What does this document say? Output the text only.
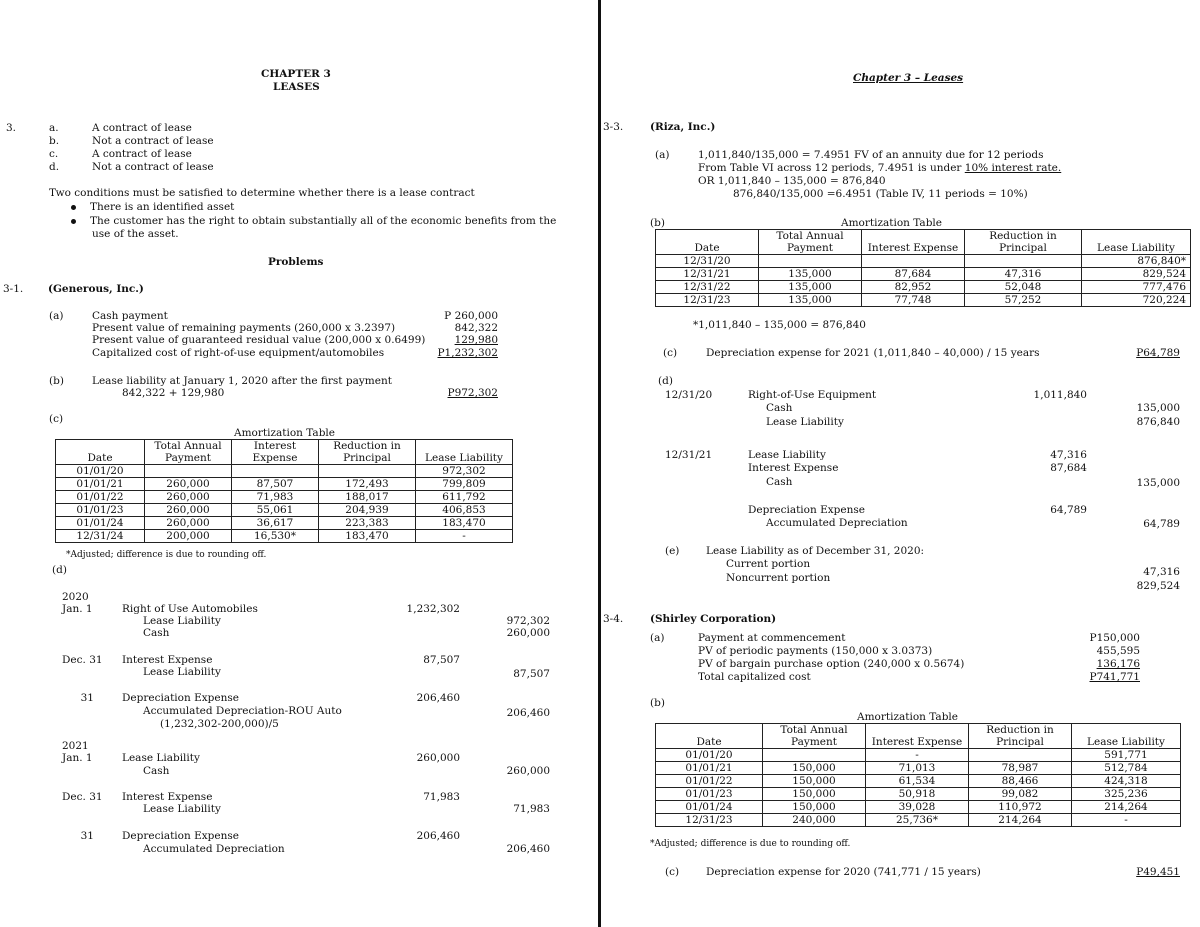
CHAPTER 3
LEASES
3.	a.	A contract of lease
b.	Not a contract of lease
c.	A contract of lease
d.	Not a contract of lease
Two conditions must be satisfied to determine whether there is a lease contract
There is an identified asset
The customer has the right to obtain substantially all of the economic benefits from the
use of the asset.
Problems
3-1. (Generous, Inc.)
(a)	Cash payment	P 260,000
Present value of remaining payments (260,000 x 3.2397)	842,322
Present value of guaranteed residual value (200,000 x 0.6499)	129,980
Capitalized cost of right-of-use equipment/automobiles	P1,232,302
(b)	Lease liability at January 1, 2020 after the first payment
842,322 + 129,980	P972,302
(c)
Amortization Table
Date	Total Annual Payment	Interest Expense	Reduction in Principal	Lease Liability
01/01/20				972,302
01/01/21	260,000	87,507	172,493	799,809
01/01/22	260,000	71,983	188,017	611,792
01/01/23	260,000	55,061	204,939	406,853
01/01/24	260,000	36,617	223,383	183,470
12/31/24	200,000	16,530*	183,470	-
*Adjusted; difference is due to rounding off.
(d)
2020
Jan. 1	Right of Use Automobiles	1,232,302
Lease Liability	972,302
Cash	260,000
Dec. 31 Interest Expense	87,507
Lease Liability	87,507
31	Depreciation Expense	206,460
Accumulated Depreciation-ROU Auto	206,460
(1,232,302-200,000)/5
2021
Jan. 1	Lease Liability	260,000
Cash	260,000
Dec. 31 Interest Expense	71,983
Lease Liability	71,983
31	Depreciation Expense	206,460
Accumulated Depreciation	206,460
Chapter 3 – Leases
3-3.	(Riza, Inc.)
(a)	1,011,840/135,000 = 7.4951 FV of an annuity due for 12 periods
From Table VI across 12 periods, 7.4951 is under 10% interest rate.
OR 1,011,840 – 135,000 = 876,840
876,840/135,000 =6.4951 (Table IV, 11 periods = 10%)
(b)	Amortization Table
Date	Total Annual Payment	Interest Expense	Reduction in Principal	Lease Liability
12/31/20				876,840*
12/31/21	135,000	87,684	47,316	829,524
12/31/22	135,000	82,952	52,048	777,476
12/31/23	135,000	77,748	57,252	720,224
*1,011,840 – 135,000 = 876,840
(c)	Depreciation expense for 2021 (1,011,840 – 40,000) / 15 years	P64,789
(d)
12/31/20	Right-of-Use Equipment	1,011,840
Cash	135,000
Lease Liability	876,840
12/31/21	Lease Liability	47,316
Interest Expense	87,684
Cash	135,000
Depreciation Expense	64,789
Accumulated Depreciation	64,789
(e)	Lease Liability as of December 31, 2020:
Current portion
47,316
Noncurrent portion
829,524
3-4.	(Shirley Corporation)
(a)	Payment at commencement	P150,000
PV of periodic payments (150,000 x 3.0373)	455,595
PV of bargain purchase option (240,000 x 0.5674)	136,176
Total capitalized cost	P741,771
(b)
Amortization Table
Date	Total Annual Payment	Interest Expense	Reduction in Principal	Lease Liability
01/01/20		-		591,771
01/01/21	150,000	71,013	78,987	512,784
01/01/22	150,000	61,534	88,466	424,318
01/01/23	150,000	50,918	99,082	325,236
01/01/24	150,000	39,028	110,972	214,264
12/31/23	240,000	25,736*	214,264	-
*Adjusted; difference is due to rounding off.
(c)	Depreciation expense for 2020 (741,771 / 15 years)	P49,451
